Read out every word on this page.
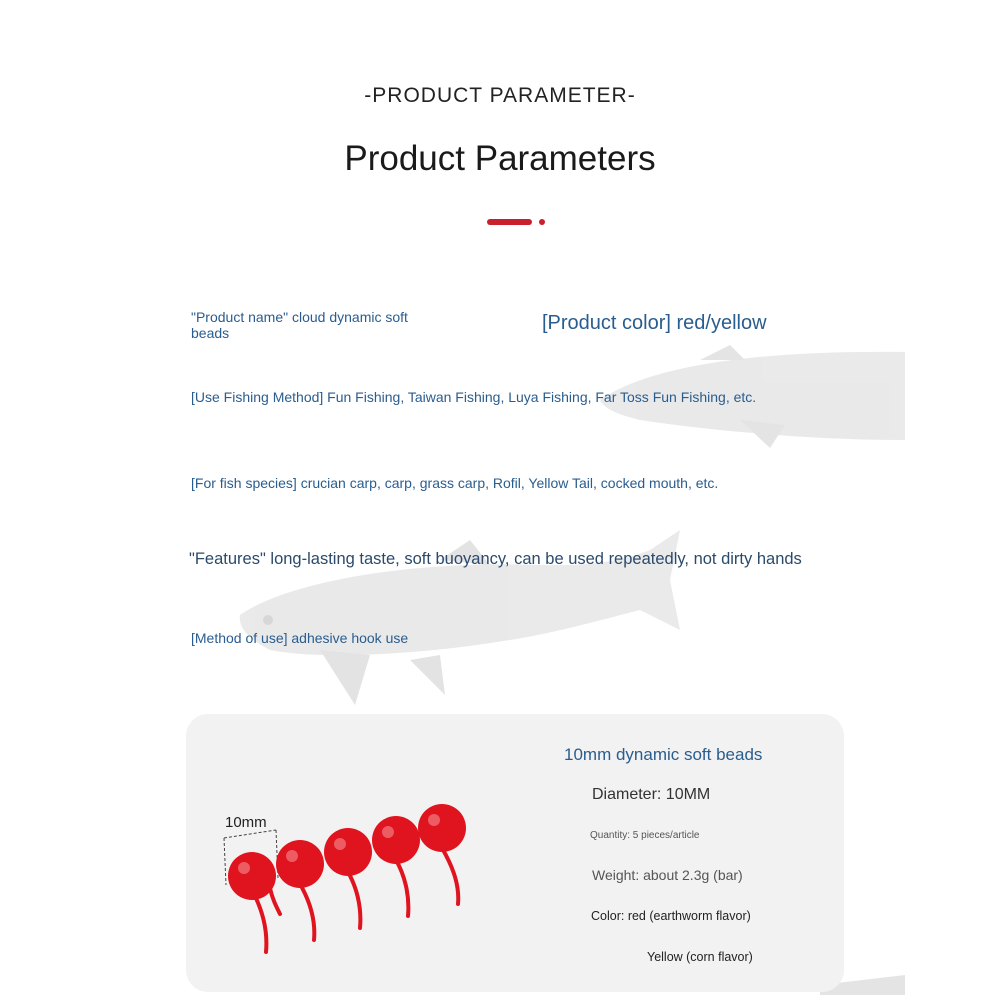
-PRODUCT PARAMETER-
Product Parameters
"Product name" cloud dynamic soft beads	[Product color] red/yellow
[Use Fishing Method] Fun Fishing, Taiwan Fishing, Luya Fishing, Far Toss Fun Fishing, etc.
[For fish species] crucian carp, carp, grass carp, Rofil, Yellow Tail, cocked mouth, etc.
"Features" long-lasting taste, soft buoyancy, can be used repeatedly, not dirty hands
[Method of use] adhesive hook use
10mm
10mm dynamic soft beads
Diameter: 10MM
Quantity: 5 pieces/article
Weight: about 2.3g (bar)
Color: red (earthworm flavor)
Yellow (corn flavor)
